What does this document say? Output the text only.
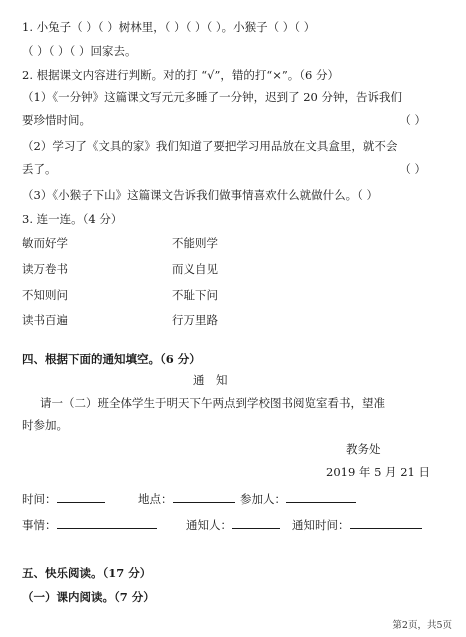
1. 小兔子（ ）（ ）树林里，（ ）（ ）（ ）。小猴子（ ）（ ）
（ ）（ ）（ ）回家去。
2. 根据课文内容进行判断。对的打 “√”，错的打“×”。（6 分）
（1）《一分钟》这篇课文写元元多睡了一分钟，迟到了 20 分钟，告诉我们
要珍惜时间。	（ ）
（2）学习了《文具的家》我们知道了要把学习用品放在文具盒里，就不会
丢了。	（ ）
（3）《小猴子下山》这篇课文告诉我们做事情喜欢什么就做什么。（ ）
3. 连一连。（4 分）
敏而好学	不能则学
读万卷书	而义自见
不知则问	不耻下问
读书百遍	行万里路
四、根据下面的通知填空。（6 分）
通　知
请一（二）班全体学生于明天下午两点到学校图书阅览室看书，望准
时参加。
教务处
2019 年 5 月 21 日
时间：	地点：	参加人：
事情：	通知人：	通知时间：
五、快乐阅读。（17 分）
（一）课内阅读。（7 分）
第2页，共5页
